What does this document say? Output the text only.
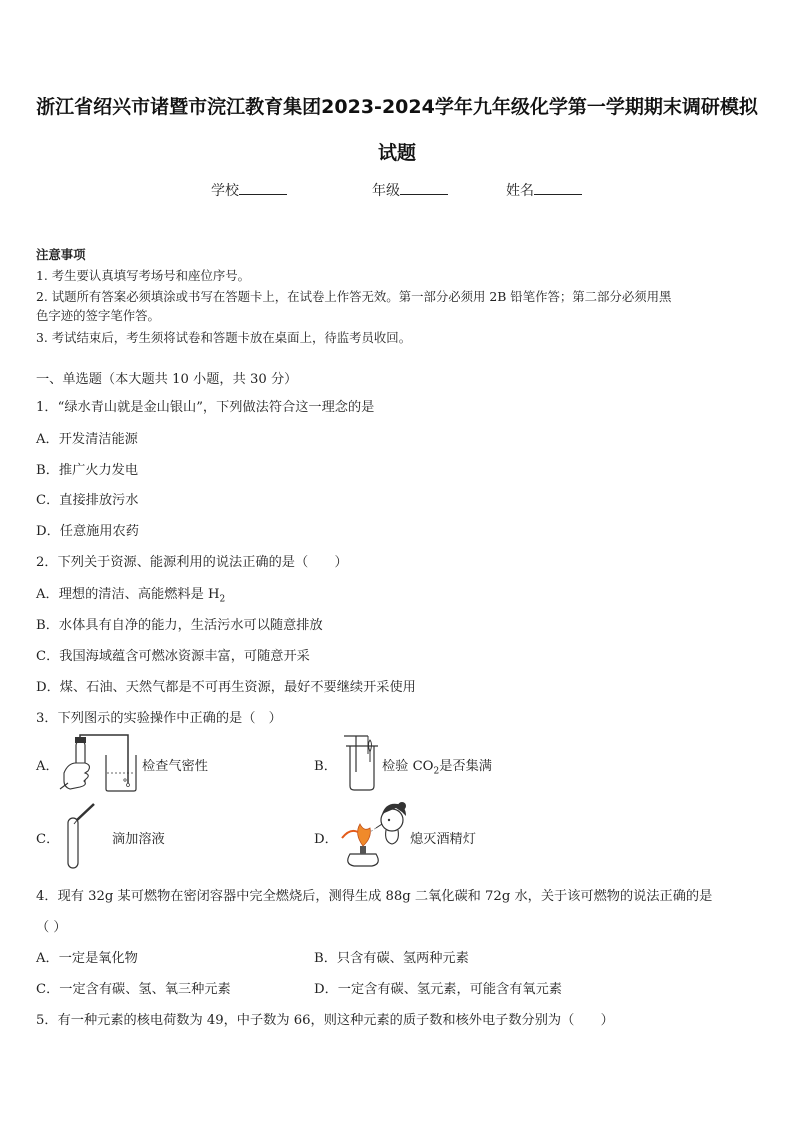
浙江省绍兴市诸暨市浣江教育集团2023-2024学年九年级化学第一学期期末调研模拟
试题
学校	年级	姓名
注意事项
1. 考生要认真填写考场号和座位序号。
2. 试题所有答案必须填涂或书写在答题卡上，在试卷上作答无效。第一部分必须用 2B 铅笔作答；第二部分必须用黑
色字迹的签字笔作答。
3. 考试结束后，考生须将试卷和答题卡放在桌面上，待监考员收回。
一、单选题（本大题共 10 小题，共 30 分）
1．“绿水青山就是金山银山”，下列做法符合这一理念的是
A．开发清洁能源
B．推广火力发电
C．直接排放污水
D．任意施用农药
2．下列关于资源、能源利用的说法正确的是（　　）
A．理想的清洁、高能燃料是 $H_2$
B．水体具有自净的能力，生活污水可以随意排放
C．我国海域蕴含可燃冰资源丰富，可随意开采
D．煤、石油、天然气都是不可再生资源，最好不要继续开采使用
3．下列图示的实验操作中正确的是（　）
A．	检查气密性	B．	检验 $CO_2$是否集满
C．	滴加溶液	D．	熄灭酒精灯
4．现有 32g 某可燃物在密闭容器中完全燃烧后，测得生成 88g 二氧化碳和 72g 水，关于该可燃物的说法正确的是
（ ）
A．一定是氧化物	B．只含有碳、氢两种元素
C．一定含有碳、氢、氧三种元素	D．一定含有碳、氢元素，可能含有氧元素
5．有一种元素的核电荷数为 49，中子数为 66，则这种元素的质子数和核外电子数分别为（　　）
